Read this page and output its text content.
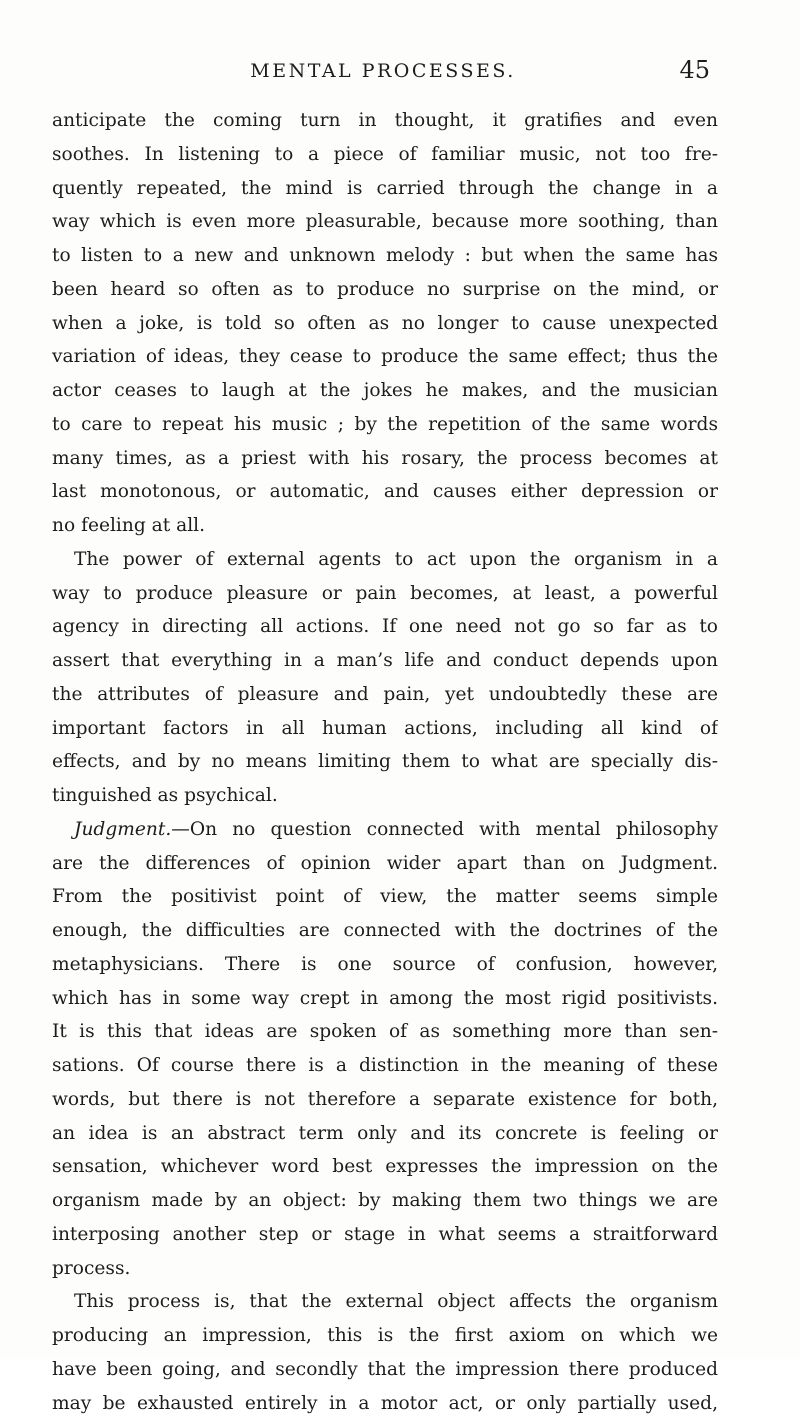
MENTAL PROCESSES.	45
anticipate the coming turn in thought, it gratifies and even
soothes. In listening to a piece of familiar music, not too fre-
quently repeated, the mind is carried through the change in a
way which is even more pleasurable, because more soothing, than
to listen to a new and unknown melody : but when the same has
been heard so often as to produce no surprise on the mind, or
when a joke, is told so often as no longer to cause unexpected
variation of ideas, they cease to produce the same effect; thus the
actor ceases to laugh at the jokes he makes, and the musician
to care to repeat his music ; by the repetition of the same words
many times, as a priest with his rosary, the process becomes at
last monotonous, or automatic, and causes either depression or
no feeling at all.
The power of external agents to act upon the organism in a
way to produce pleasure or pain becomes, at least, a powerful
agency in directing all actions. If one need not go so far as to
assert that everything in a man’s life and conduct depends upon
the attributes of pleasure and pain, yet undoubtedly these are
important factors in all human actions, including all kind of
effects, and by no means limiting them to what are specially dis-
tinguished as psychical.
Judgment.—On no question connected with mental philosophy
are the differences of opinion wider apart than on Judgment.
From the positivist point of view, the matter seems simple
enough, the difficulties are connected with the doctrines of the
metaphysicians. There is one source of confusion, however,
which has in some way crept in among the most rigid positivists.
It is this that ideas are spoken of as something more than sen-
sations. Of course there is a distinction in the meaning of these
words, but there is not therefore a separate existence for both,
an idea is an abstract term only and its concrete is feeling or
sensation, whichever word best expresses the impression on the
organism made by an object: by making them two things we are
interposing another step or stage in what seems a straitforward
process.
This process is, that the external object affects the organism
producing an impression, this is the first axiom on which we
have been going, and secondly that the impression there produced
may be exhausted entirely in a motor act, or only partially used,
